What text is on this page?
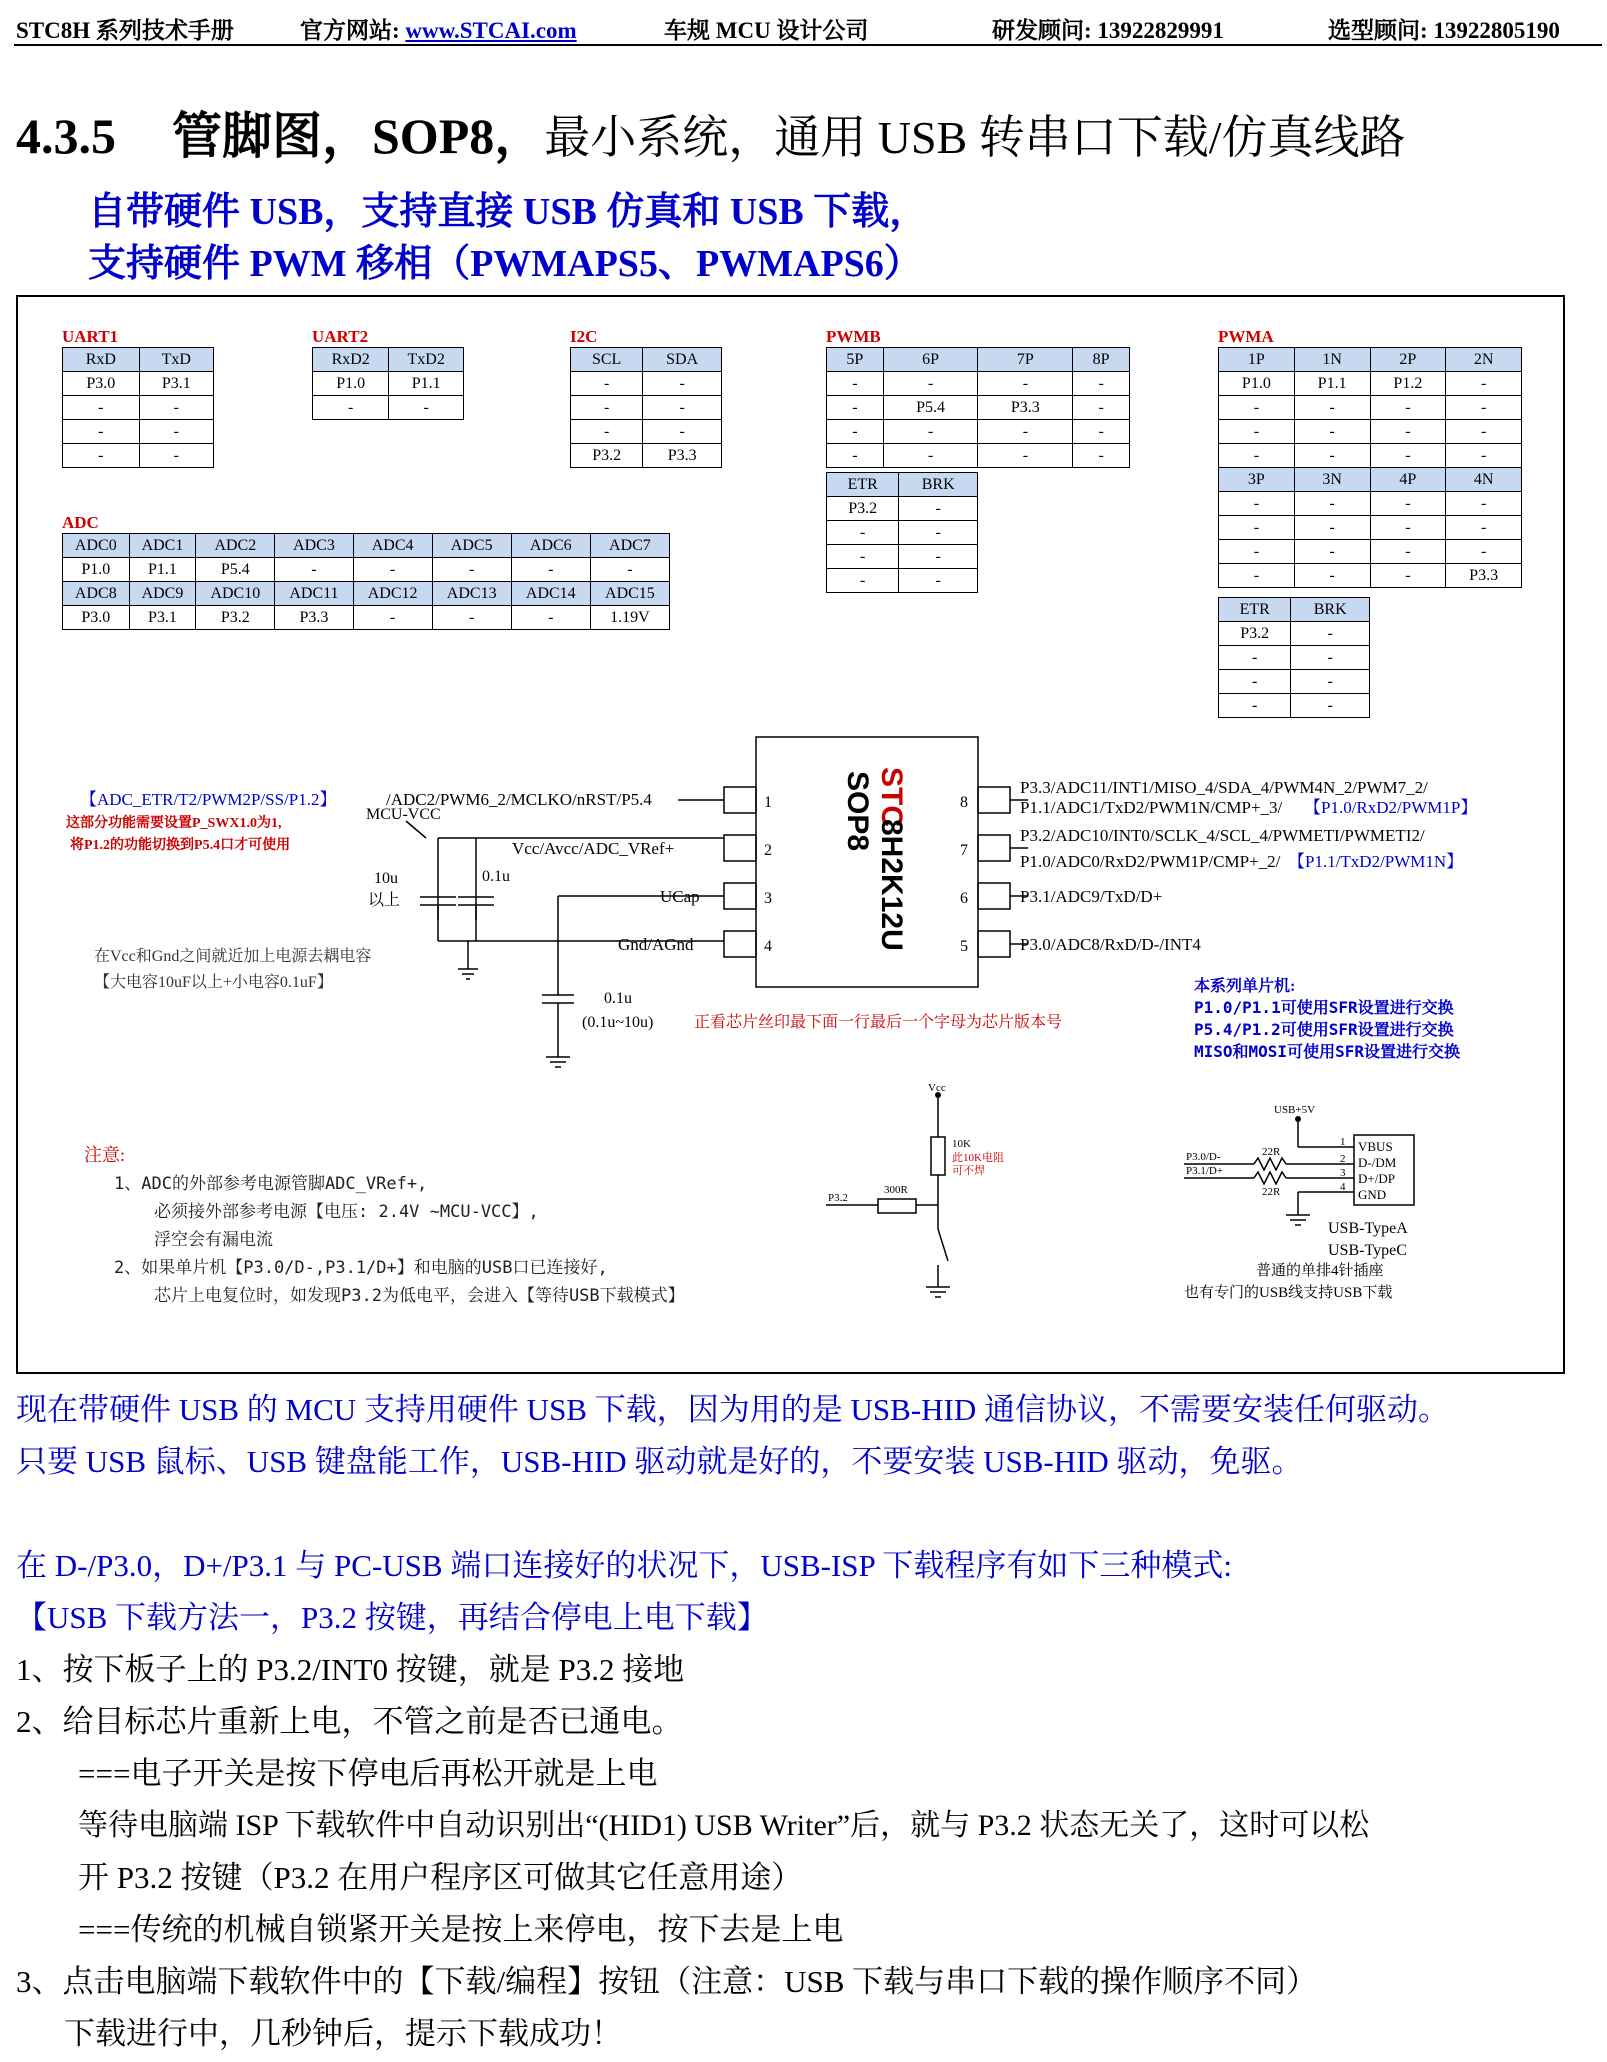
STC8H 系列技术手册	官方网站: www.STCAI.com	车规 MCU 设计公司	研发顾问: 13922829991	选型顾问: 13922805190
4.3.5 管脚图，SOP8，最小系统，通用 USB 转串口下载/仿真线路
自带硬件 USB，支持直接 USB 仿真和 USB 下载，
支持硬件 PWM 移相（PWMAPS5、PWMAPS6）
UART1
RxD	TxD
P3.0	P3.1
-	-
-	-
-	-
UART2
RxD2	TxD2
P1.0	P1.1
-	-
I2C
SCL	SDA
-	-
-	-
-	-
P3.2	P3.3
PWMB
5P	6P	7P	8P
-	-	-	-
-	P5.4	P3.3	-
-	-	-	-
-	-	-	-
ETR	BRK
P3.2	-
-	-
-	-
-	-
PWMA
1P	1N	2P	2N
P1.0	P1.1	P1.2	-
-	-	-	-
-	-	-	-
-	-	-	-
3P	3N	4P	4N
-	-	-	-
-	-	-	-
-	-	-	-
-	-	-	P3.3
ETR	BRK
P3.2	-
-	-
-	-
-	-
ADC
ADC0	ADC1	ADC2	ADC3	ADC4	ADC5	ADC6	ADC7
P1.0	P1.1	P5.4	-	-	-	-	-
ADC8	ADC9	ADC10	ADC11	ADC12	ADC13	ADC14	ADC15
P3.0	P3.1	P3.2	P3.3	-	-	-	1.19V
STC
8H2K12U
SOP8
1
2
3
4
8
7
6
5
【ADC_ETR/T2/PWM2P/SS/P1.2】	/ADC2/PWM6_2/MCLKO/nRST/P5.4
这部分功能需要设置P_SWX1.0为1,
将P1.2的功能切换到P5.4口才可使用	Vcc/Avcc/ADC_VRef+
UCap
Gnd/AGnd
P3.3/ADC11/INT1/MISO_4/SDA_4/PWM4N_2/PWM7_2/
P1.1/ADC1/TxD2/PWM1N/CMP+_3/ 【P1.0/RxD2/PWM1P】
P3.2/ADC10/INT0/SCLK_4/SCL_4/PWMETI/PWMETI2/
P1.0/ADC0/RxD2/PWM1P/CMP+_2/ 【P1.1/TxD2/PWM1N】
P3.1/ADC9/TxD/D+
P3.0/ADC8/RxD/D-/INT4
MCU-VCC
10u
以上
0.1u
在Vcc和Gnd之间就近加上电源去耦电容
【大电容10uF以上+小电容0.1uF】
0.1u
(0.1u~10u)	正看芯片丝印最下面一行最后一个字母为芯片版本号
本系列单片机:
P1.0/P1.1可使用SFR设置进行交换
P5.4/P1.2可使用SFR设置进行交换
MISO和MOSI可使用SFR设置进行交换
Vcc
10K
此10K电阻
可不焊
300R
P3.2
USB+5V
P3.0/D-
P3.1/D+
22R
22R
1
2
3
4
VBUS
D-/DM
D+/DP
GND
USB-TypeA
USB-TypeC
普通的单排4针插座
也有专门的USB线支持USB下载
注意:
1、ADC的外部参考电源管脚ADC_VRef+,
必须接外部参考电源【电压: 2.4V ~MCU-VCC】,
浮空会有漏电流
2、如果单片机【P3.0/D-,P3.1/D+】和电脑的USB口已连接好,
芯片上电复位时，如发现P3.2为低电平，会进入【等待USB下载模式】
现在带硬件 USB 的 MCU 支持用硬件 USB 下载，因为用的是 USB-HID 通信协议，不需要安装任何驱动。
只要 USB 鼠标、USB 键盘能工作，USB-HID 驱动就是好的，不要安装 USB-HID 驱动，免驱。
在 D-/P3.0，D+/P3.1 与 PC-USB 端口连接好的状况下，USB-ISP 下载程序有如下三种模式:
【USB 下载方法一，P3.2 按键，再结合停电上电下载】
1、按下板子上的 P3.2/INT0 按键，就是 P3.2 接地
2、给目标芯片重新上电，不管之前是否已通电。
===电子开关是按下停电后再松开就是上电
等待电脑端 ISP 下载软件中自动识别出“(HID1) USB Writer”后，就与 P3.2 状态无关了，这时可以松
开 P3.2 按键（P3.2 在用户程序区可做其它任意用途）
===传统的机械自锁紧开关是按上来停电，按下去是上电
3、点击电脑端下载软件中的【下载/编程】按钮（注意：USB 下载与串口下载的操作顺序不同）
下载进行中，几秒钟后，提示下载成功！
